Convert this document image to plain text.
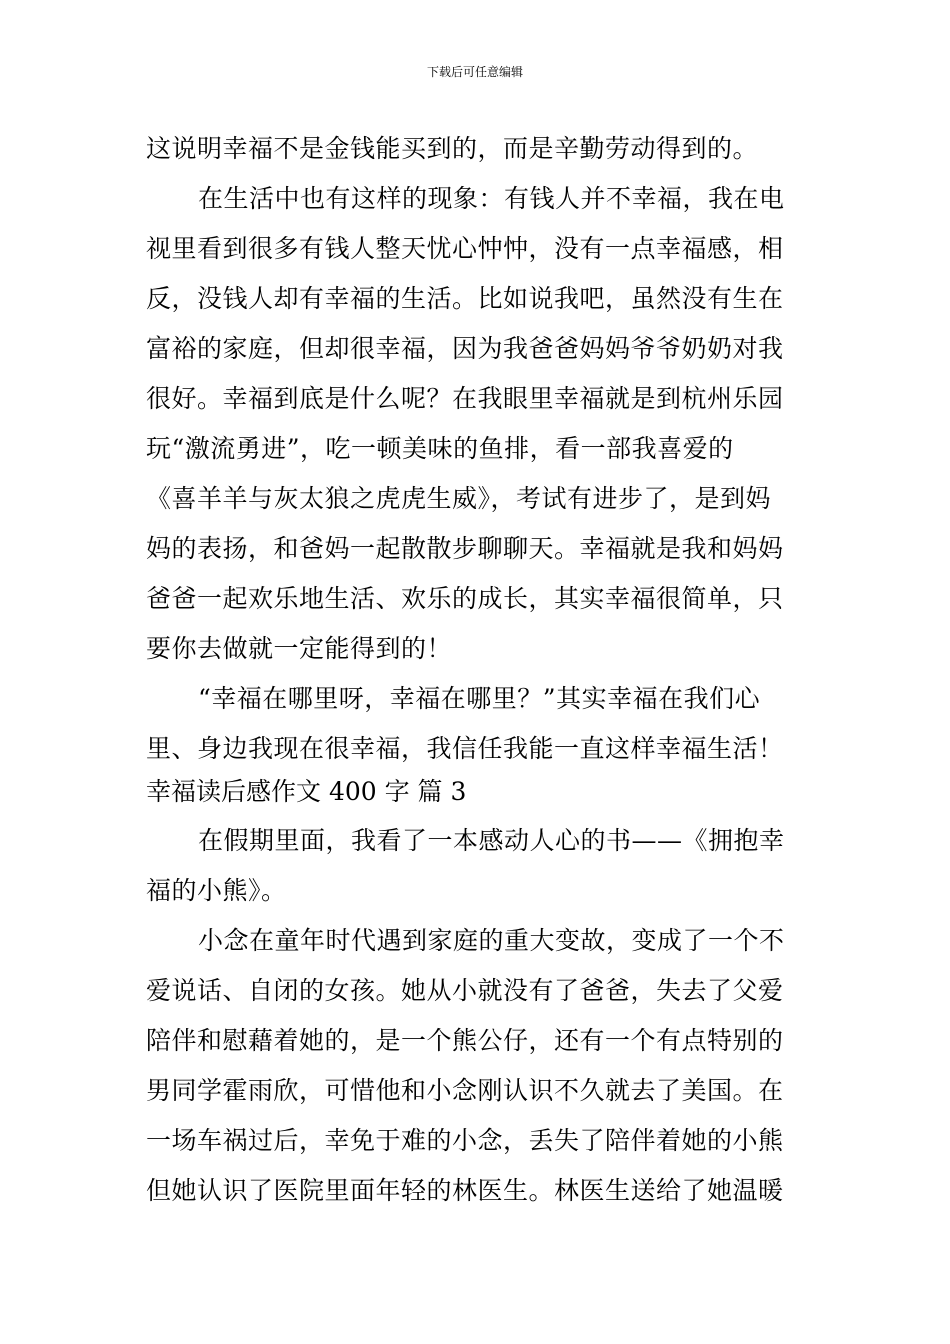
下载后可任意编辑
这说明幸福不是金钱能买到的，而是辛勤劳动得到的。
在生活中也有这样的现象：有钱人并不幸福，我在电
视里看到很多有钱人整天忧心忡忡，没有一点幸福感，相
反，没钱人却有幸福的生活。比如说我吧，虽然没有生在
富裕的家庭，但却很幸福，因为我爸爸妈妈爷爷奶奶对我
很好。幸福到底是什么呢？在我眼里幸福就是到杭州乐园
玩“激流勇进”，吃一顿美味的鱼排，看一部我喜爱的
《喜羊羊与灰太狼之虎虎生威》，考试有进步了，是到妈
妈的表扬，和爸妈一起散散步聊聊天。幸福就是我和妈妈
爸爸一起欢乐地生活、欢乐的成长，其实幸福很简单，只
要你去做就一定能得到的！
“幸福在哪里呀，幸福在哪里？”其实幸福在我们心
里、身边我现在很幸福，我信任我能一直这样幸福生活！
幸福读后感作文 400 字 篇 3
在假期里面，我看了一本感动人心的书——《拥抱幸
福的小熊》。
小念在童年时代遇到家庭的重大变故，变成了一个不
爱说话、自闭的女孩。她从小就没有了爸爸，失去了父爱
陪伴和慰藉着她的，是一个熊公仔，还有一个有点特别的
男同学霍雨欣，可惜他和小念刚认识不久就去了美国。在
一场车祸过后，幸免于难的小念，丢失了陪伴着她的小熊
但她认识了医院里面年轻的林医生。林医生送给了她温暖
